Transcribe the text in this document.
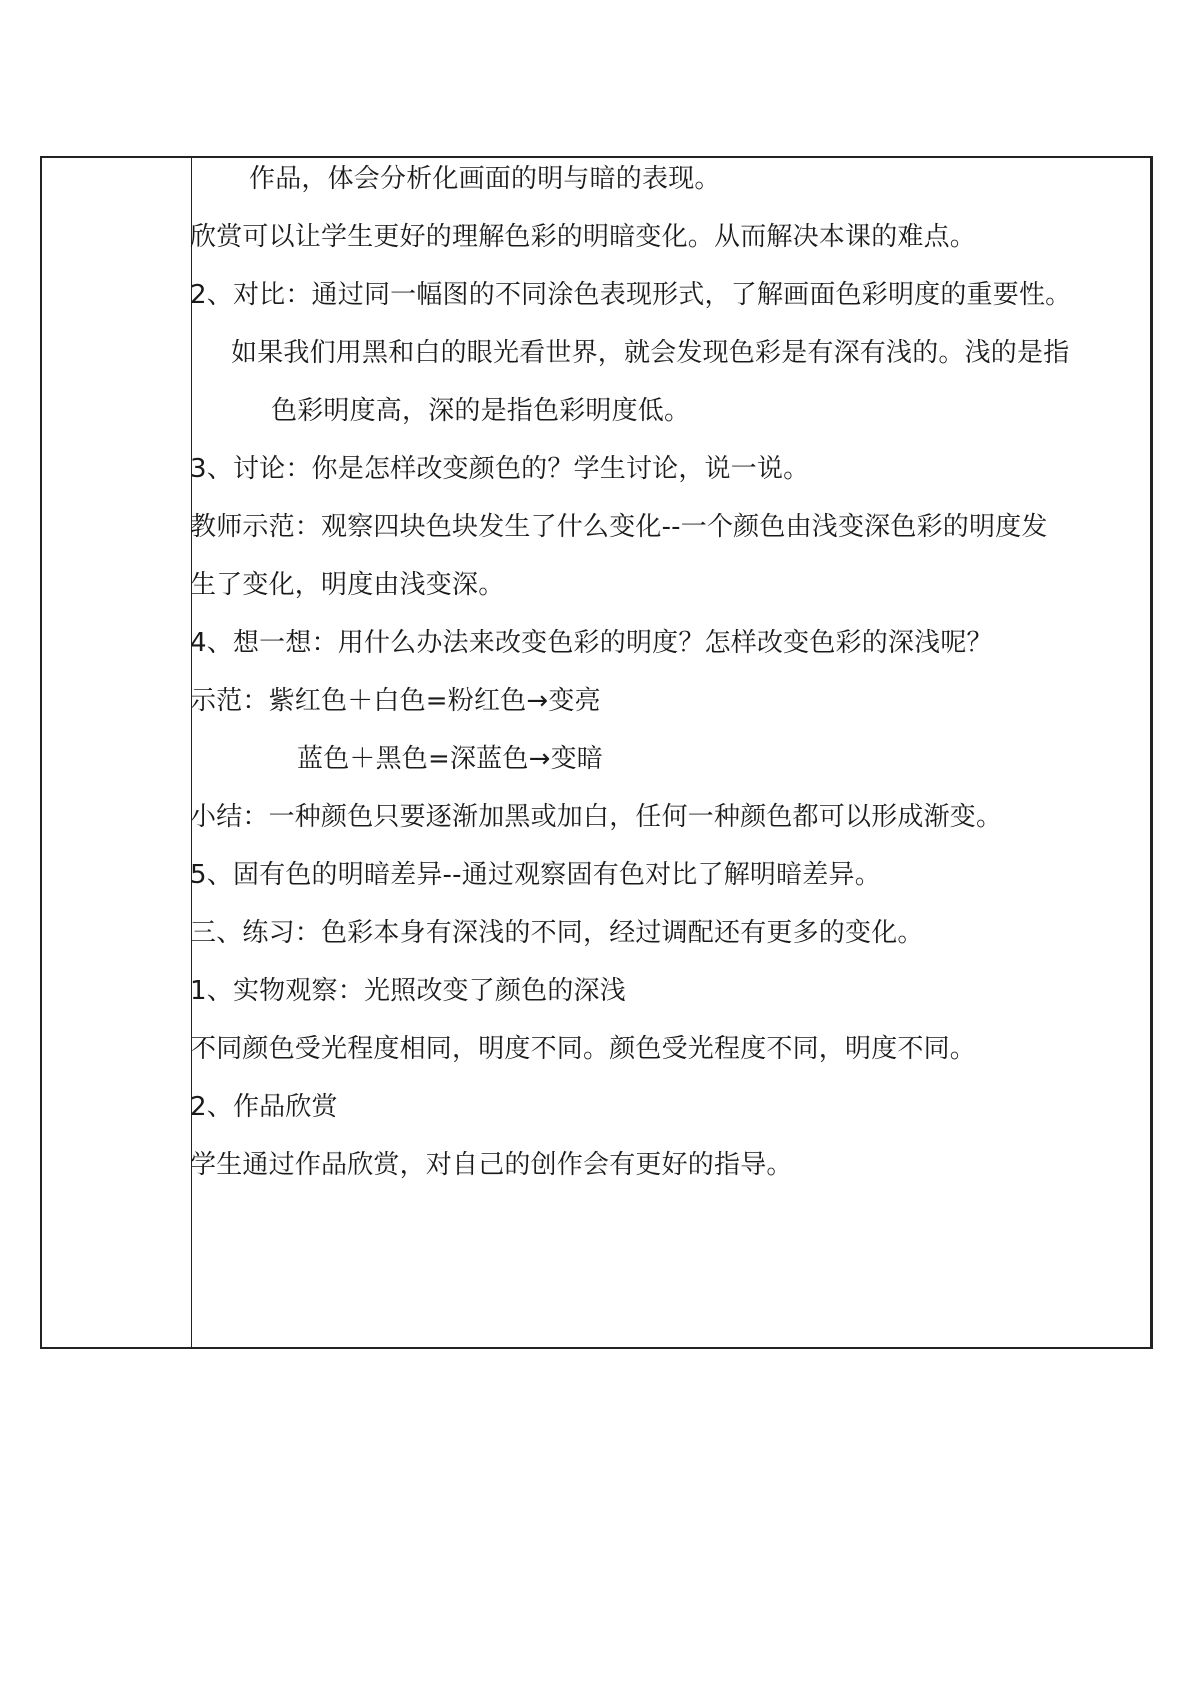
作品，体会分析化画面的明与暗的表现。
欣赏可以让学生更好的理解色彩的明暗变化。从而解决本课的难点。
2、对比：通过同一幅图的不同涂色表现形式，了解画面色彩明度的重要性。
如果我们用黑和白的眼光看世界，就会发现色彩是有深有浅的。浅的是指
色彩明度高，深的是指色彩明度低。
3、讨论：你是怎样改变颜色的？学生讨论，说一说。
教师示范：观察四块色块发生了什么变化--一个颜色由浅变深色彩的明度发
生了变化，明度由浅变深。
4、想一想：用什么办法来改变色彩的明度？怎样改变色彩的深浅呢？
示范：紫红色＋白色=粉红色→变亮
蓝色＋黑色=深蓝色→变暗
小结：一种颜色只要逐渐加黑或加白，任何一种颜色都可以形成渐变。
5、固有色的明暗差异--通过观察固有色对比了解明暗差异。
三、练习：色彩本身有深浅的不同，经过调配还有更多的变化。
1、实物观察：光照改变了颜色的深浅
不同颜色受光程度相同，明度不同。颜色受光程度不同，明度不同。
2、作品欣赏
学生通过作品欣赏，对自己的创作会有更好的指导。
